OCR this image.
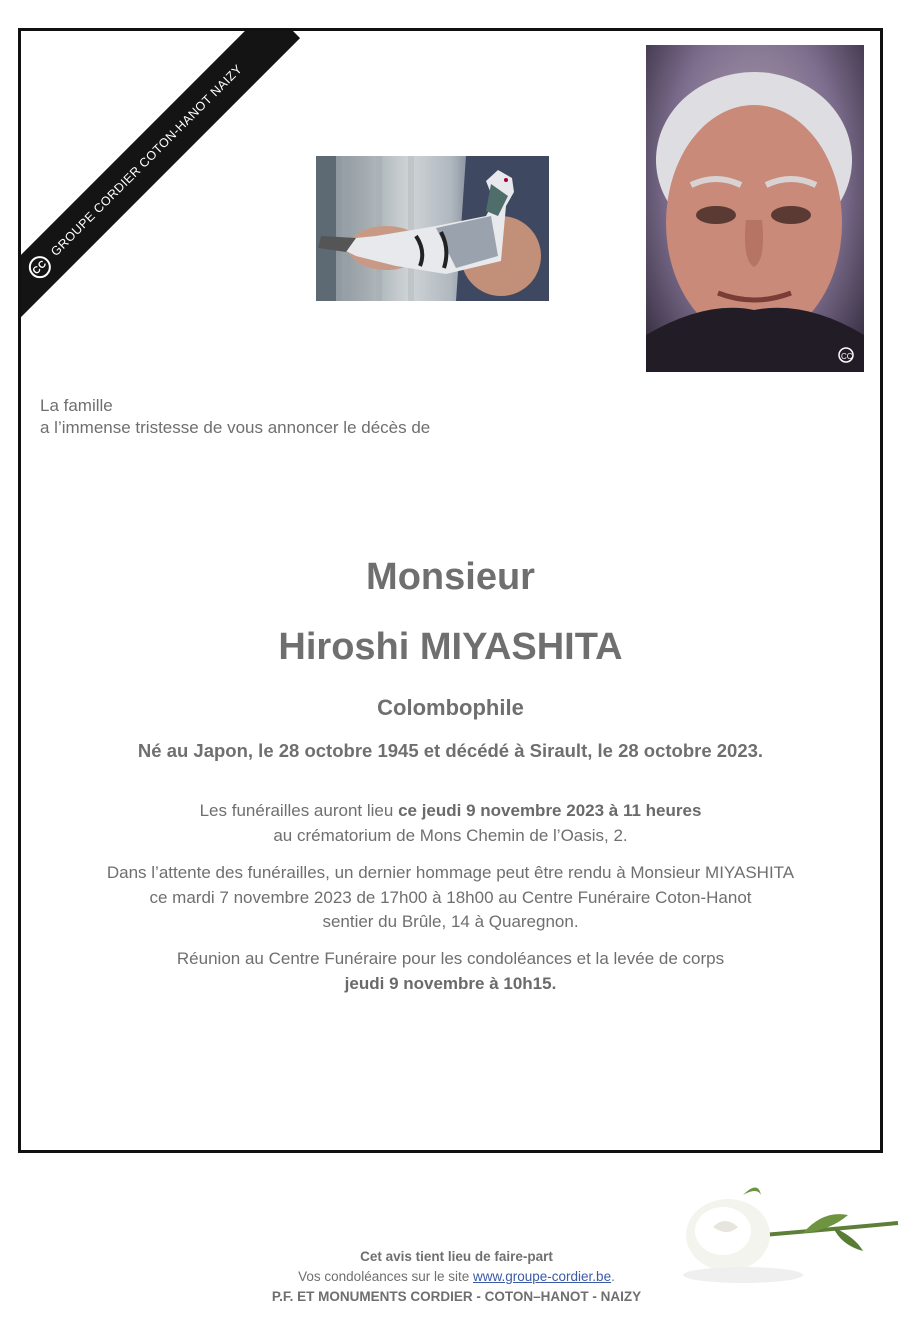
CC
GROUPE CORDIER COTON-HANOT NAIZY
CC
La famille
a l’immense tristesse de vous annoncer le décès de
Monsieur
Hiroshi MIYASHITA
Colombophile
Né au Japon, le 28 octobre 1945 et décédé à Sirault, le 28 octobre 2023.
Les funérailles auront lieu ce jeudi 9 novembre 2023 à 11 heures
au crématorium de Mons Chemin de l’Oasis, 2.
Dans l’attente des funérailles, un dernier hommage peut être rendu à Monsieur MIYASHITA
ce mardi 7 novembre 2023 de 17h00 à 18h00 au Centre Funéraire Coton-Hanot
sentier du Brûle, 14 à Quaregnon.
Réunion au Centre Funéraire pour les condoléances et la levée de corps
jeudi 9 novembre à 10h15.
Cet avis tient lieu de faire-part
Vos condoléances sur le site www.groupe-cordier.be.
P.F. ET MONUMENTS CORDIER - COTON–HANOT - NAIZY
